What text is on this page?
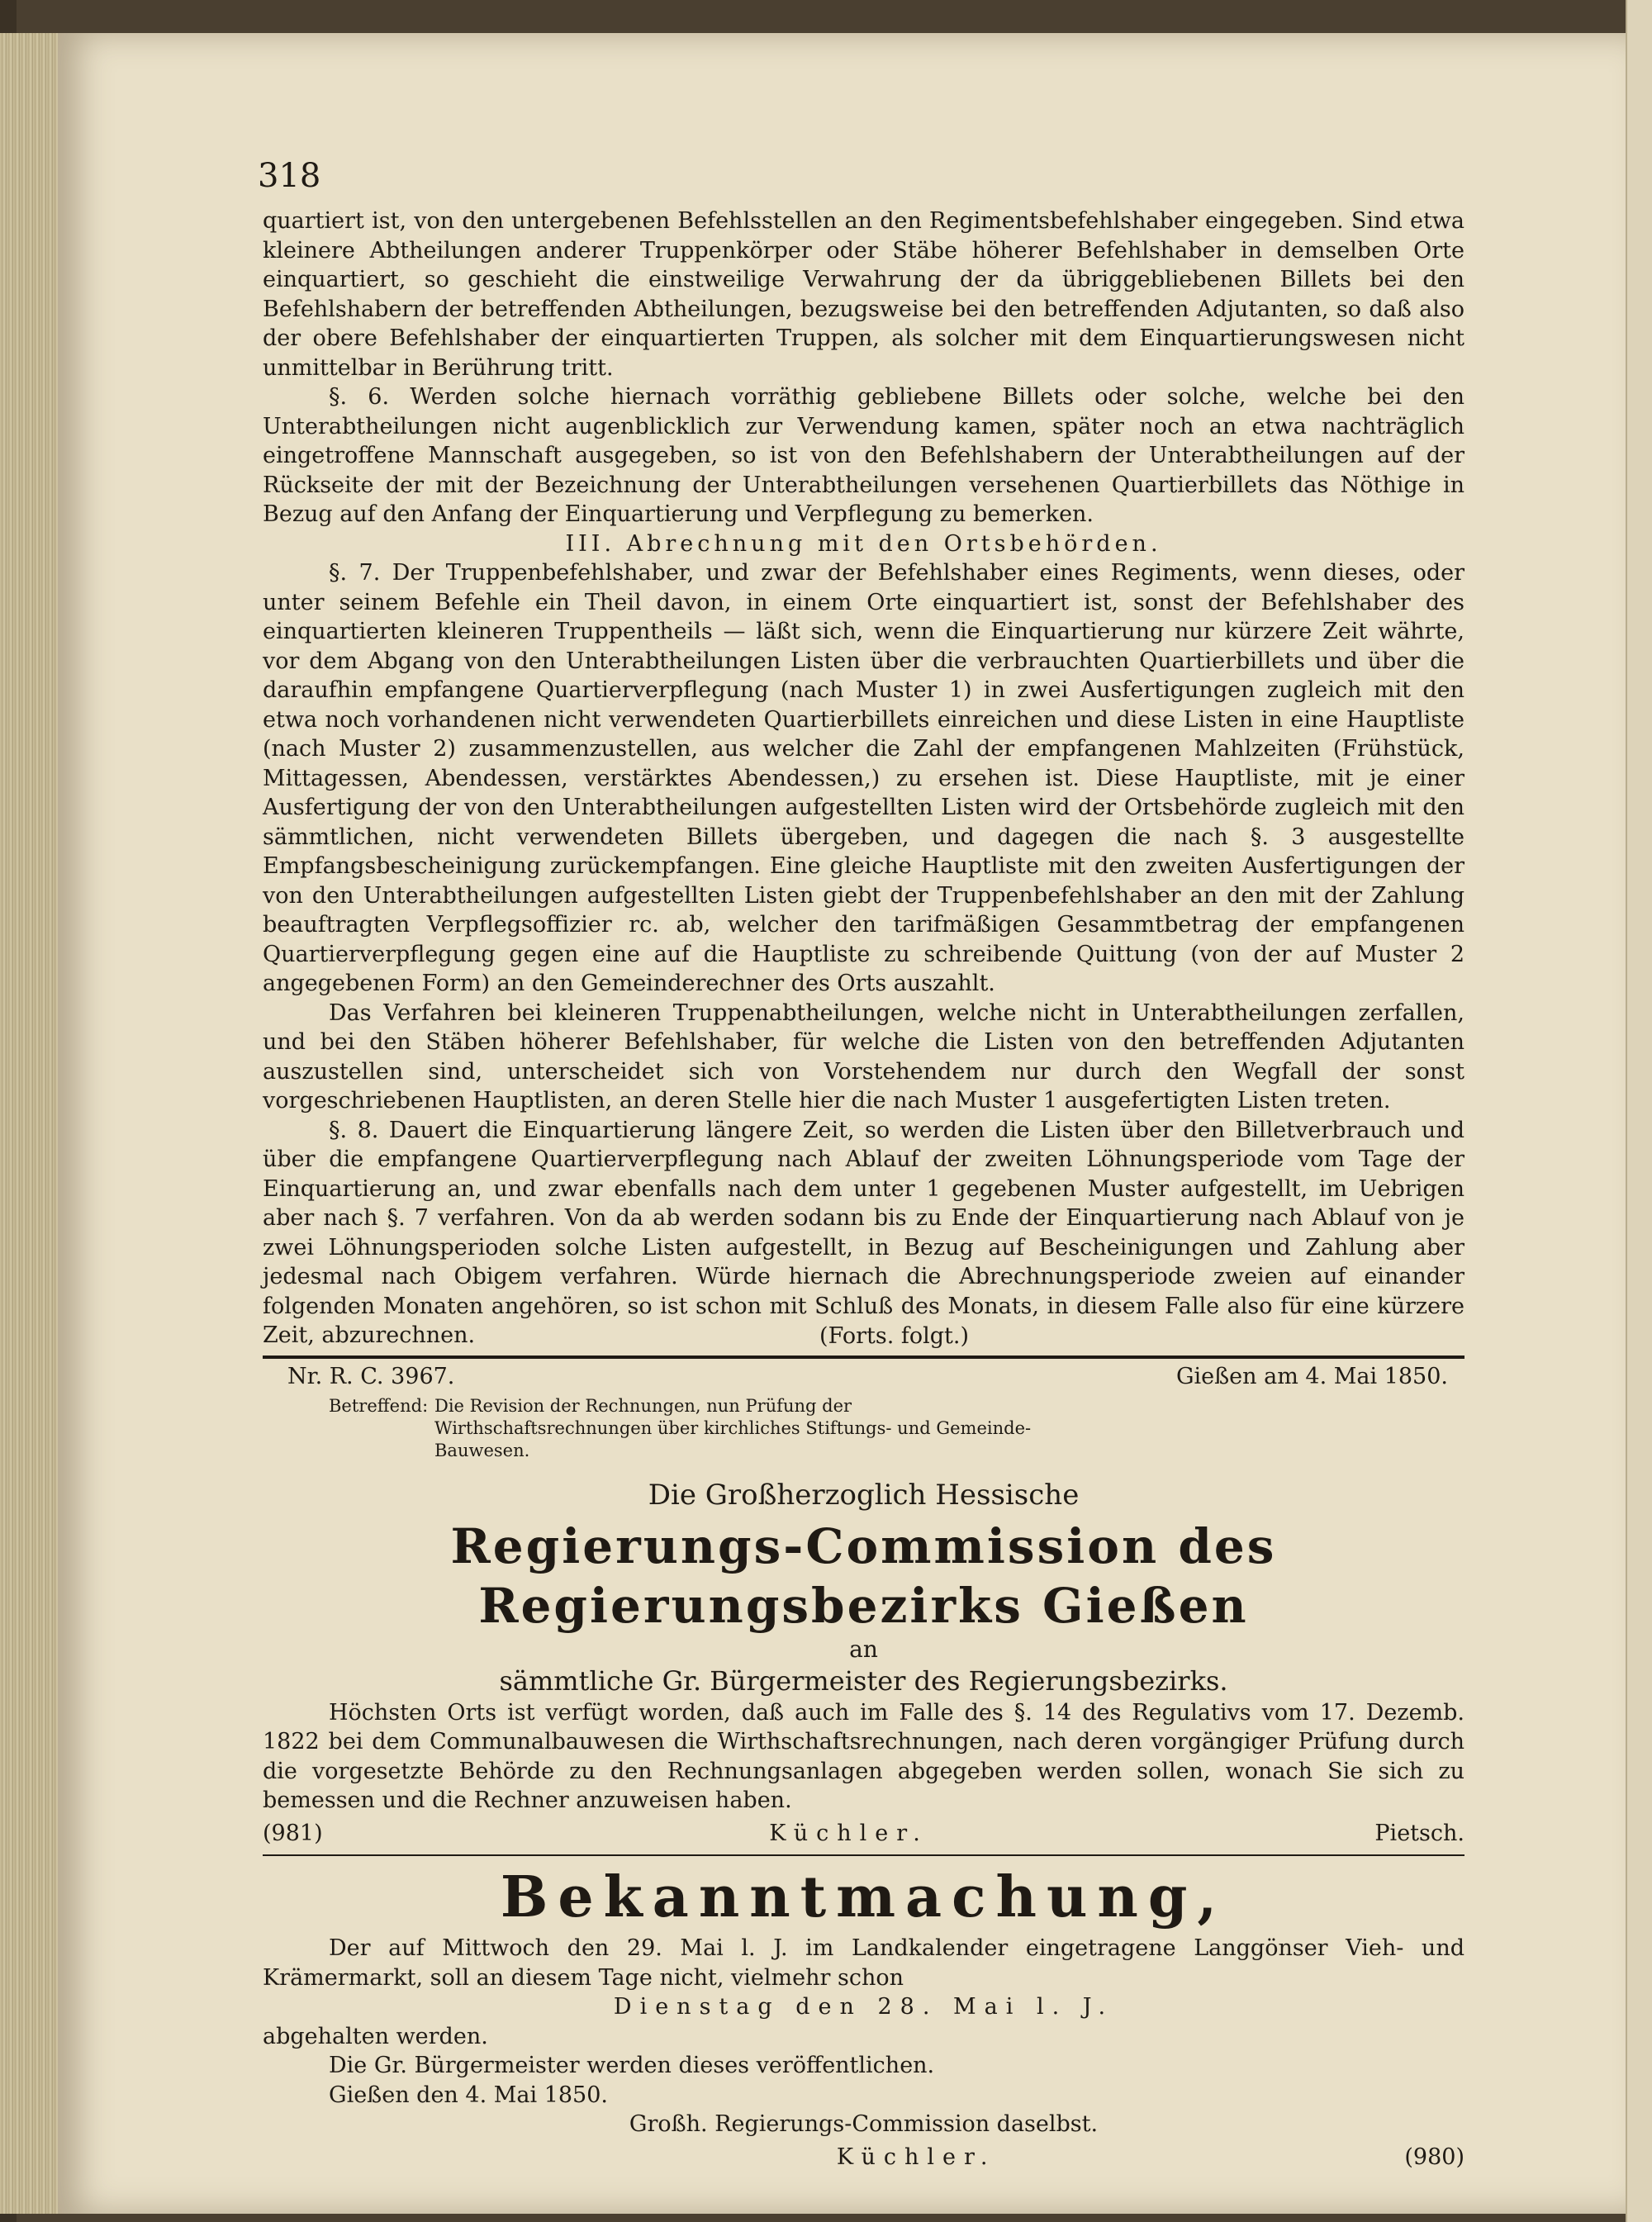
318

quartiert ist, von den untergebenen Befehlsstellen an den Regimentsbefehlshaber eingegeben. Sind etwa kleinere Abtheilungen anderer Truppenkörper oder Stäbe höherer Befehlshaber in demselben Orte einquartiert, so geschieht die einstweilige Verwahrung der da übriggebliebenen Billets bei den Befehlshabern der betreffenden Abtheilungen, bezugsweise bei den betreffenden Adjutanten, so daß also der obere Befehlshaber der einquartierten Truppen, als solcher mit dem Einquartierungswesen nicht unmittelbar in Berührung tritt.

§. 6. Werden solche hiernach vorräthig gebliebene Billets oder solche, welche bei den Unterabtheilungen nicht augenblicklich zur Verwendung kamen, später noch an etwa nachträglich eingetroffene Mannschaft ausgegeben, so ist von den Befehlshabern der Unterabtheilungen auf der Rückseite der mit der Bezeichnung der Unterabtheilungen versehenen Quartierbillets das Nöthige in Bezug auf den Anfang der Einquartierung und Verpflegung zu bemerken.

III. Abrechnung mit den Ortsbehörden.

§. 7. Der Truppenbefehlshaber, und zwar der Befehlshaber eines Regiments, wenn dieses, oder unter seinem Befehle ein Theil davon, in einem Orte einquartiert ist, sonst der Befehlshaber des einquartierten kleineren Truppentheils — läßt sich, wenn die Einquartierung nur kürzere Zeit währte, vor dem Abgang von den Unterabtheilungen Listen über die verbrauchten Quartierbillets und über die daraufhin empfangene Quartierverpflegung (nach Muster 1) in zwei Ausfertigungen zugleich mit den etwa noch vorhandenen nicht verwendeten Quartierbillets einreichen und diese Listen in eine Hauptliste (nach Muster 2) zusammenzustellen, aus welcher die Zahl der empfangenen Mahlzeiten (Frühstück, Mittagessen, Abendessen, verstärktes Abendessen,) zu ersehen ist. Diese Hauptliste, mit je einer Ausfertigung der von den Unterabtheilungen aufgestellten Listen wird der Ortsbehörde zugleich mit den sämmtlichen, nicht verwendeten Billets übergeben, und dagegen die nach §. 3 ausgestellte Empfangsbescheinigung zurückempfangen. Eine gleiche Hauptliste mit den zweiten Ausfertigungen der von den Unterabtheilungen aufgestellten Listen giebt der Truppenbefehlshaber an den mit der Zahlung beauftragten Verpflegsoffizier rc. ab, welcher den tarifmäßigen Gesammtbetrag der empfangenen Quartierverpflegung gegen eine auf die Hauptliste zu schreibende Quittung (von der auf Muster 2 angegebenen Form) an den Gemeinderechner des Orts auszahlt.

Das Verfahren bei kleineren Truppenabtheilungen, welche nicht in Unterabtheilungen zerfallen, und bei den Stäben höherer Befehlshaber, für welche die Listen von den betreffenden Adjutanten auszustellen sind, unterscheidet sich von Vorstehendem nur durch den Wegfall der sonst vorgeschriebenen Hauptlisten, an deren Stelle hier die nach Muster 1 ausgefertigten Listen treten.

§. 8. Dauert die Einquartierung längere Zeit, so werden die Listen über den Billetverbrauch und über die empfangene Quartierverpflegung nach Ablauf der zweiten Löhnungsperiode vom Tage der Einquartierung an, und zwar ebenfalls nach dem unter 1 gegebenen Muster aufgestellt, im Uebrigen aber nach §. 7 verfahren. Von da ab werden sodann bis zu Ende der Einquartierung nach Ablauf von je zwei Löhnungsperioden solche Listen aufgestellt, in Bezug auf Bescheinigungen und Zahlung aber jedesmal nach Obigem verfahren. Würde hiernach die Abrechnungsperiode zweien auf einander folgenden Monaten angehören, so ist schon mit Schluß des Monats, in diesem Falle also für eine kürzere Zeit, abzurechnen.	(Forts. folgt.)

Nr. R. C. 3967.	Gießen am 4. Mai 1850.
Betreffend: Die Revision der Rechnungen, nun Prüfung der Wirthschaftsrechnungen über kirchliches Stiftungs- und Gemeinde-Bauwesen.
Die Großherzoglich Hessische
Regierungs-Commission des Regierungsbezirks Gießen
an
sämmtliche Gr. Bürgermeister des Regierungsbezirks.

Höchsten Orts ist verfügt worden, daß auch im Falle des §. 14 des Regulativs vom 17. Dezemb. 1822 bei dem Communalbauwesen die Wirthschaftsrechnungen, nach deren vorgängiger Prüfung durch die vorgesetzte Behörde zu den Rechnungsanlagen abgegeben werden sollen, wonach Sie sich zu bemessen und die Rechner anzuweisen haben.

(981)	Küchler.	Pietsch.
Bekanntmachung,

Der auf Mittwoch den 29. Mai l. J. im Landkalender eingetragene Langgönser Vieh- und Krämermarkt, soll an diesem Tage nicht, vielmehr schon

Dienstag den 28. Mai l. J.

abgehalten werden.

Die Gr. Bürgermeister werden dieses veröffentlichen.

Gießen den 4. Mai 1850.

Großh. Regierungs-Commission daselbst.

Küchler.	(980)
